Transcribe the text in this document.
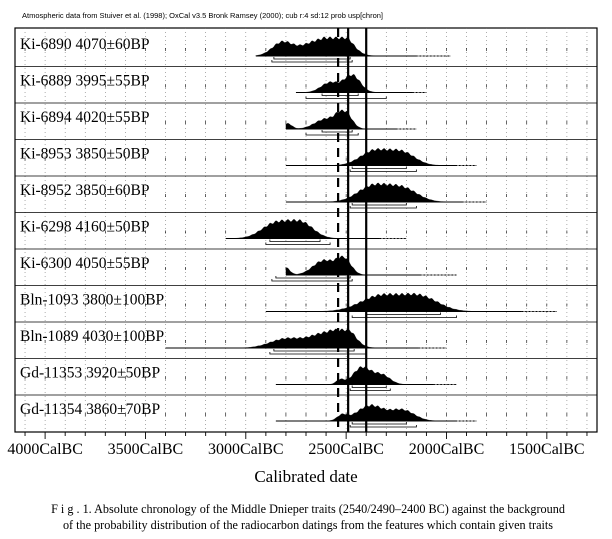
Ki-6890 4070±60BP
Ki-6889 3995±55BP
Ki-6894 4020±55BP
Ki-8953 3850±50BP
Ki-8952 3850±60BP
Ki-6298 4160±50BP
Ki-6300 4050±55BP
Bln-1093 3800±100BP
Bln-1089 4030±100BP
Gd-11353 3920±50BP
Gd-11354 3860±70BP
4000CalBC 3500CalBC 3000CalBC 2500CalBC 2000CalBC 1500CalBC
Atmospheric data from Stuiver et al. (1998); OxCal v3.5 Bronk Ramsey (2000); cub r:4 sd:12 prob usp[chron]
Calibrated date
F i g . 1. Absolute chronology of the Middle Dnieper traits (2540/2490–2400 BC) against the background
of the probability distribution of the radiocarbon datings from the features which contain given traits
